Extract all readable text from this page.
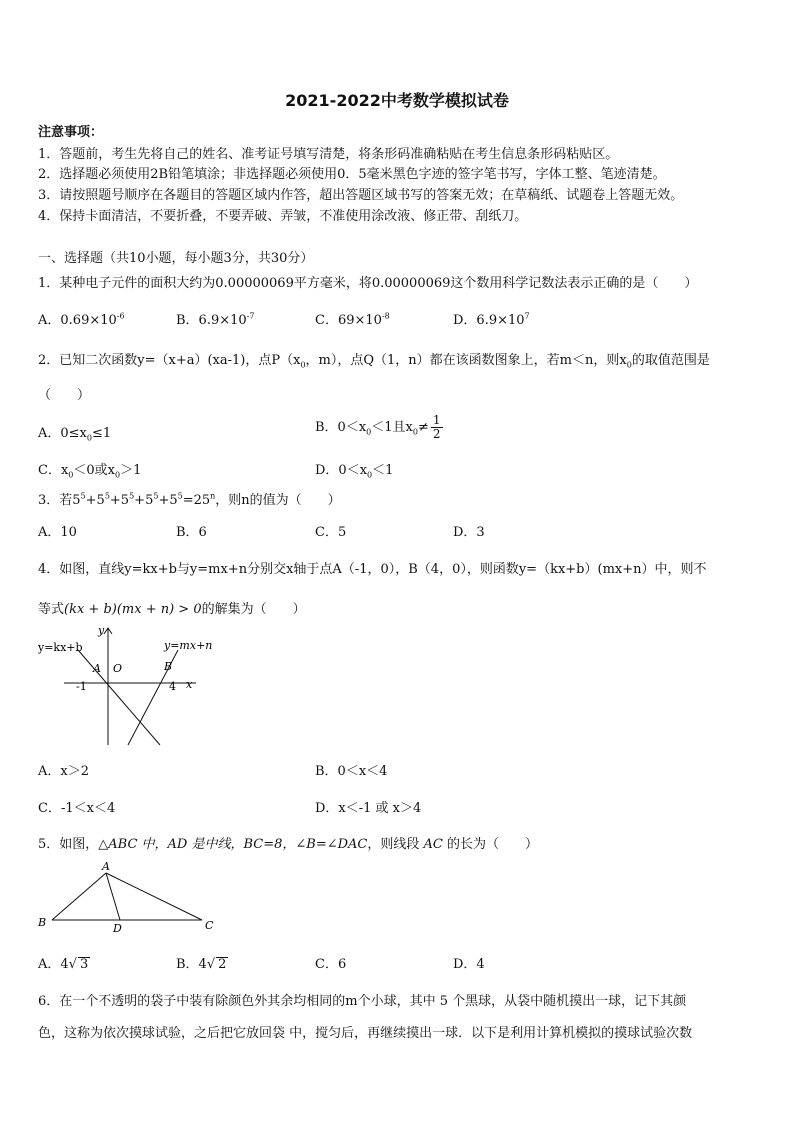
2021-2022中考数学模拟试卷
注意事项：
1．答题前，考生先将自己的姓名、准考证号填写清楚，将条形码准确粘贴在考生信息条形码粘贴区。
2．选择题必须使用2B铅笔填涂；非选择题必须使用0．5毫米黑色字迹的签字笔书写，字体工整、笔迹清楚。
3．请按照题号顺序在各题目的答题区域内作答，超出答题区域书写的答案无效；在草稿纸、试题卷上答题无效。
4．保持卡面清洁，不要折叠，不要弄破、弄皱，不准使用涂改液、修正带、刮纸刀。
一、选择题（共10小题，每小题3分，共30分）
1．某种电子元件的面积大约为0.00000069平方毫米，将0.00000069这个数用科学记数法表示正确的是（　　）
A．$0.69\times 10^{-6}$	B．$6.9\times 10^{-7}$	C．$69\times 10^{-8}$	D．$6.9\times 10^7$
2．已知二次函数y=（x+a）(xa-1)，点$P(x_0$，m），点Q（1，n）都在该函数图象上，若m＜n，则$x_0$的取值范围是
（　　）
A．$0\le x_0\le 1$	B．$0<x_0<1$且$x_0\ne \frac{1}{2}$
C．$x_0<0$或$x_0>1$	D．$0<x_0<1$
3．若$5^5+5^5+5^5+5^5+5^5=25^n$，则n的值为（　　）
A．10	B．6	C．5	D．3
4．如图，直线y=kx+b与y=mx+n分别交x轴于点A（-1，0），B（4，0），则函数y=（kx+b）(mx+n）中，则不
等式(kx + b)(mx + n) > 0的解集为（　　）
y=kx+b	y=mx+n
y
x
A O	B
-1	4
A．x＞2	B．0＜x＜4
C．-1＜x＜4	D．x＜-1 或 x＞4
5．如图，△ABC 中，AD 是中线，BC=8，∠B=∠DAC，则线段 AC 的长为（　　）
A
B	C
D
A．4√ 3	B．4√ 2	C．6	D．4
6．在一个不透明的袋子中装有除颜色外其余均相同的m个小球，其中 5 个黑球，从袋中随机摸出一球，记下其颜
色，这称为依次摸球试验，之后把它放回袋 中，搅匀后，再继续摸出一球．以下是利用计算机模拟的摸球试验次数
